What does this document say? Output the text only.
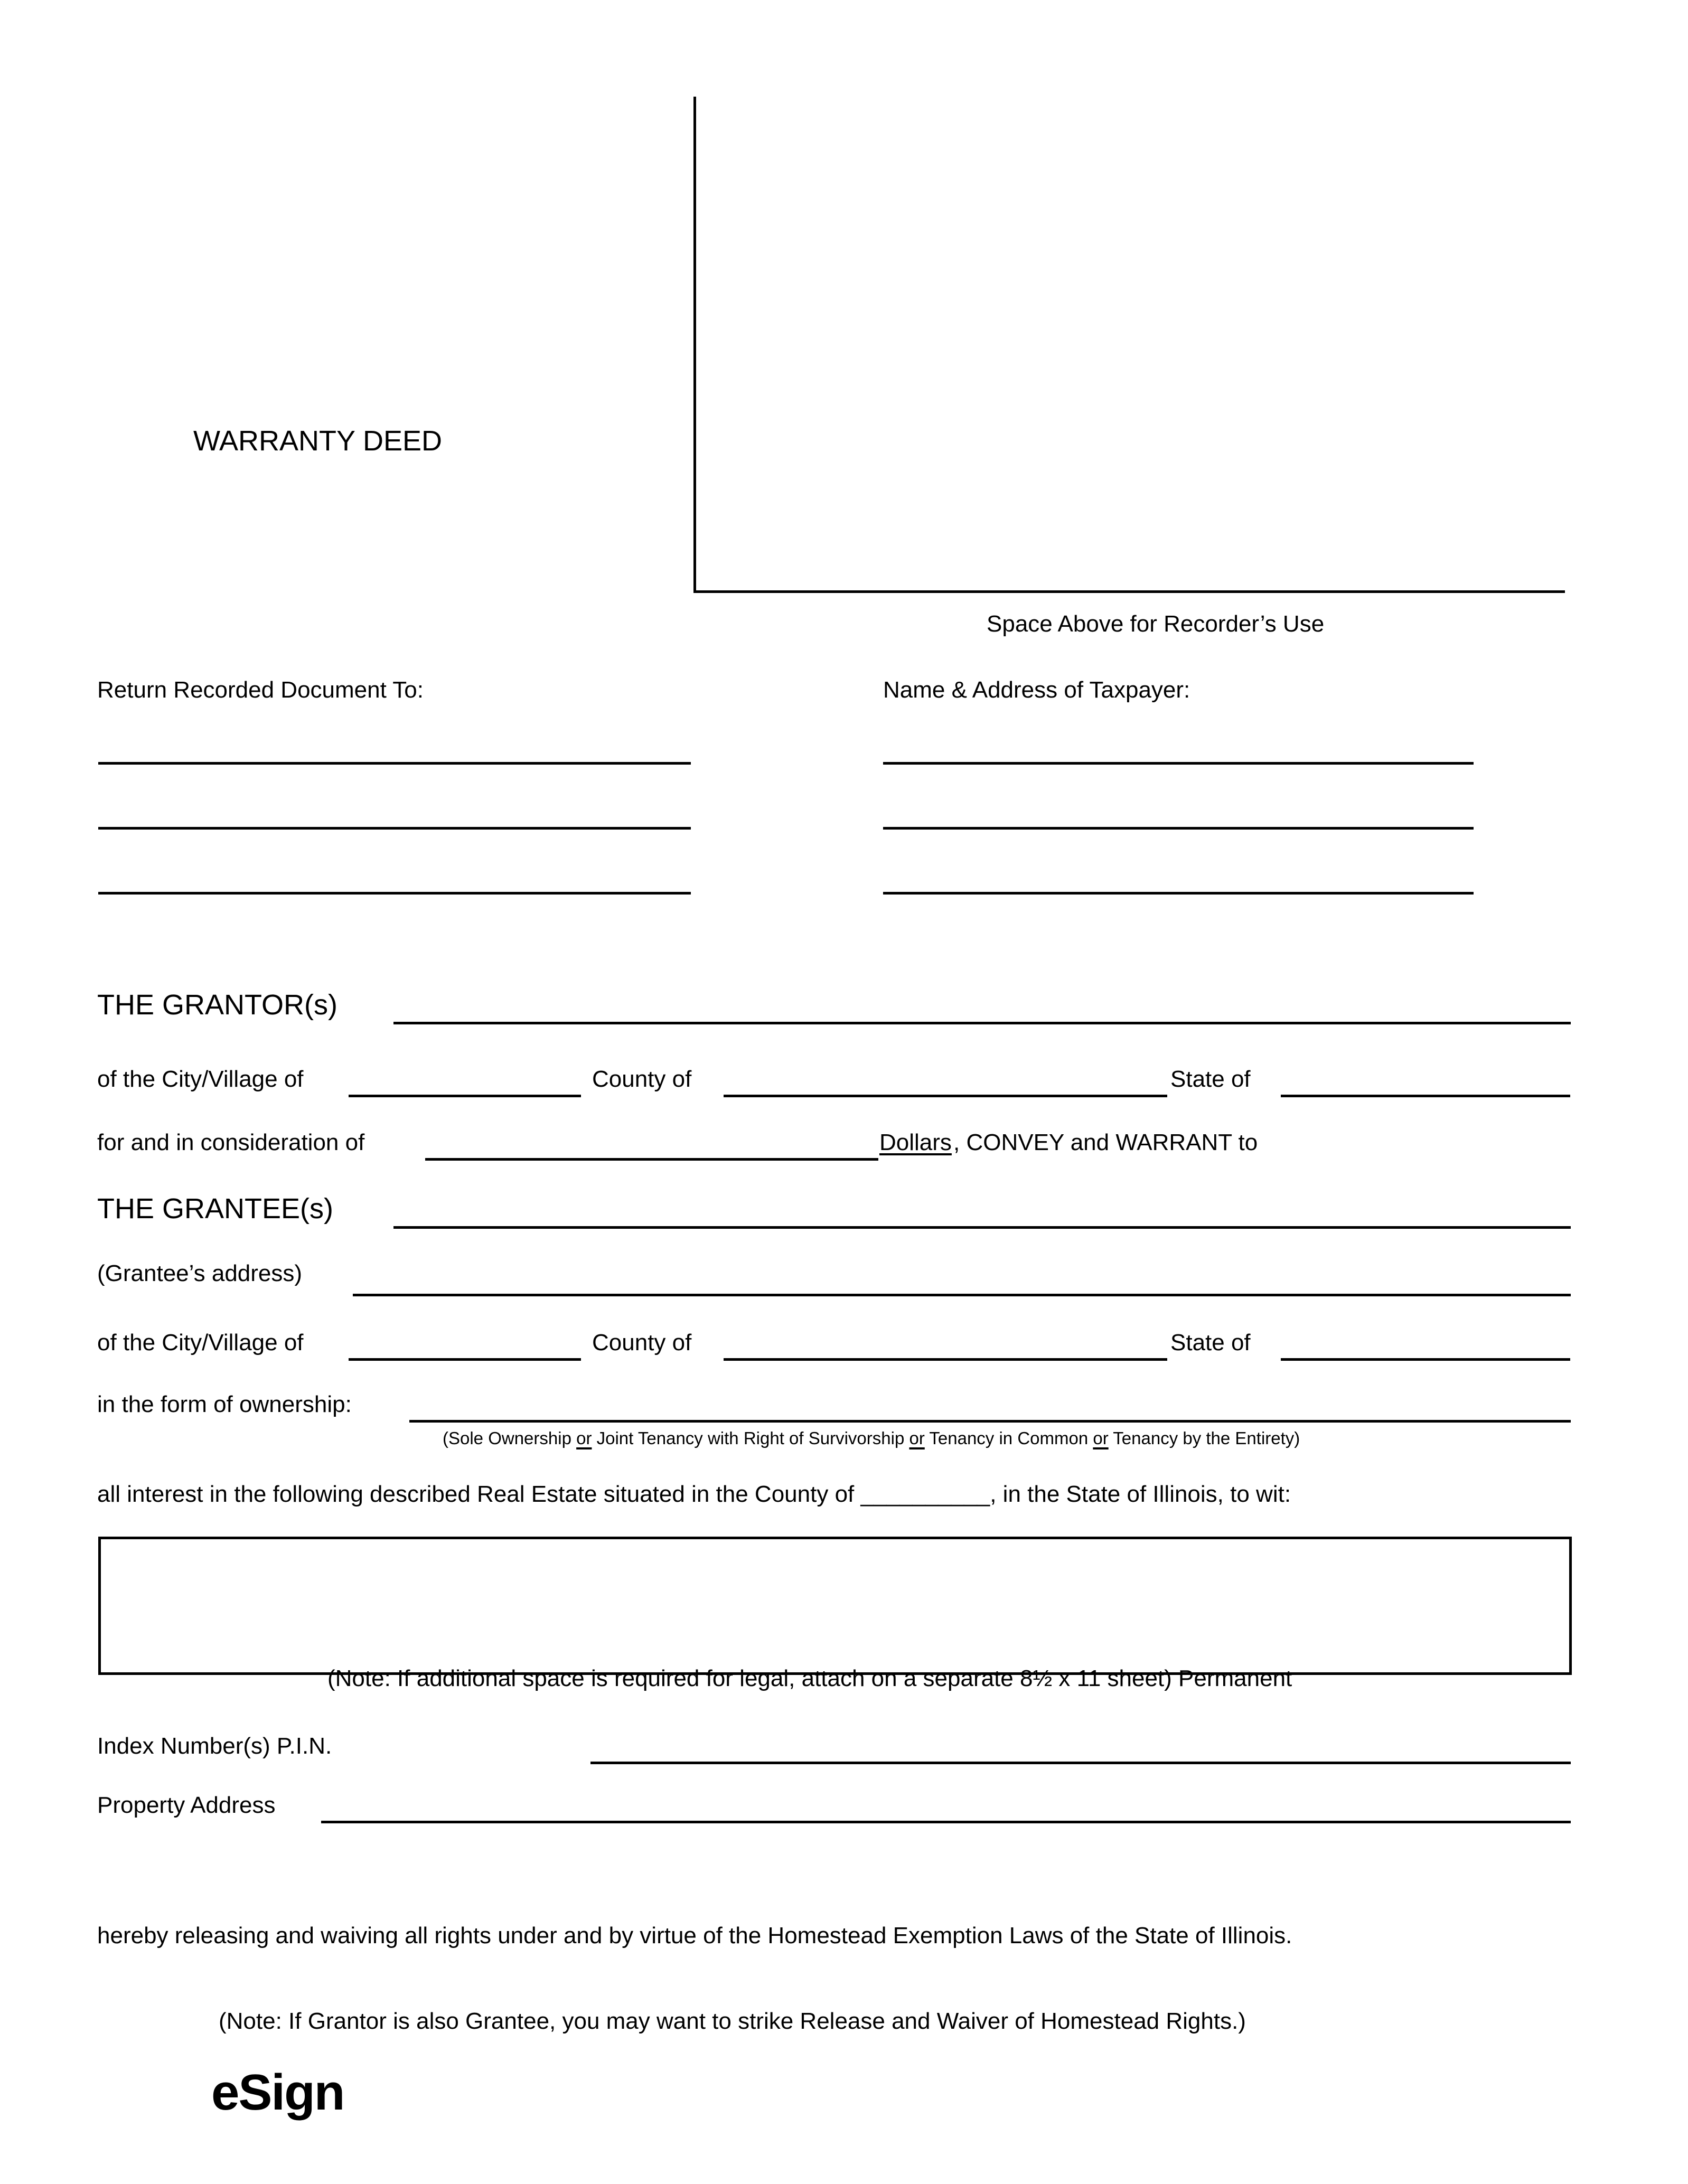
WARRANTY DEED
Space Above for Recorder’s Use
Return Recorded Document To:	Name & Address of Taxpayer:
THE GRANTOR(s)
of the City/Village of	County of	State of
for and in consideration of	Dollars , CONVEY and WARRANT to
THE GRANTEE(s)
(Grantee’s address)
of the City/Village of	County of	State of
in the form of ownership:
(Sole Ownership or Joint Tenancy with Right of Survivorship or Tenancy in Common or Tenancy by the Entirety)
all interest in the following described Real Estate situated in the County of __________, in the State of Illinois, to wit:
(Note: If additional space is required for legal, attach on a separate 8½ x 11 sheet) Permanent
Index Number(s) P.I.N.
Property Address
hereby releasing and waiving all rights under and by virtue of the Homestead Exemption Laws of the State of Illinois.
(Note: If Grantor is also Grantee, you may want to strike Release and Waiver of Homestead Rights.)
eSign
